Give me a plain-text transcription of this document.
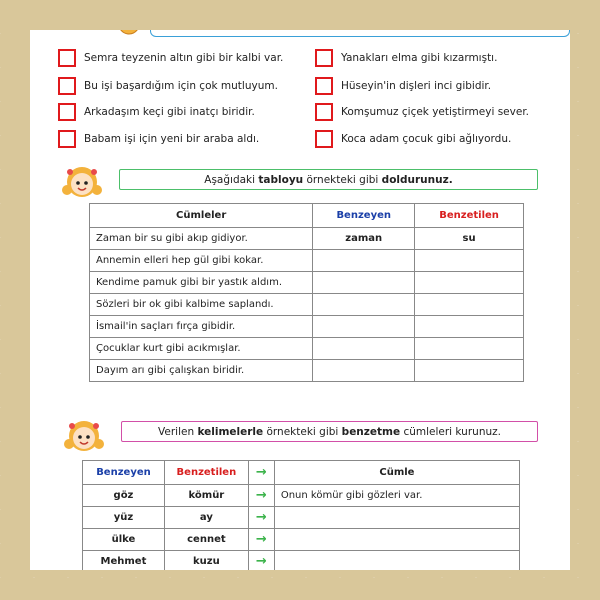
Semra teyzenin altın gibi bir kalbi var.
Bu işi başardığım için çok mutluyum.
Arkadaşım keçi gibi inatçı biridir.
Babam işi için yeni bir araba aldı.
Yanakları elma gibi kızarmıştı.
Hüseyin'in dişleri inci gibidir.
Komşumuz çiçek yetiştirmeyi sever.
Koca adam çocuk gibi ağlıyordu.
Aşağıdaki tabloyu örnekteki gibi doldurunuz.
Cümleler	Benzeyen	Benzetilen
Zaman bir su gibi akıp gidiyor.	zaman	su
Annemin elleri hep gül gibi kokar.		
Kendime pamuk gibi bir yastık aldım.		
Sözleri bir ok gibi kalbime saplandı.		
İsmail'in saçları fırça gibidir.		
Çocuklar kurt gibi acıkmışlar.		
Dayım arı gibi çalışkan biridir.		
Verilen kelimelerle örnekteki gibi benzetme cümleleri kurunuz.
Benzeyen	Benzetilen	→	Cümle
göz	kömür	→	Onun kömür gibi gözleri var.
yüz	ay	→	
ülke	cennet	→	
Mehmet	kuzu	→	
